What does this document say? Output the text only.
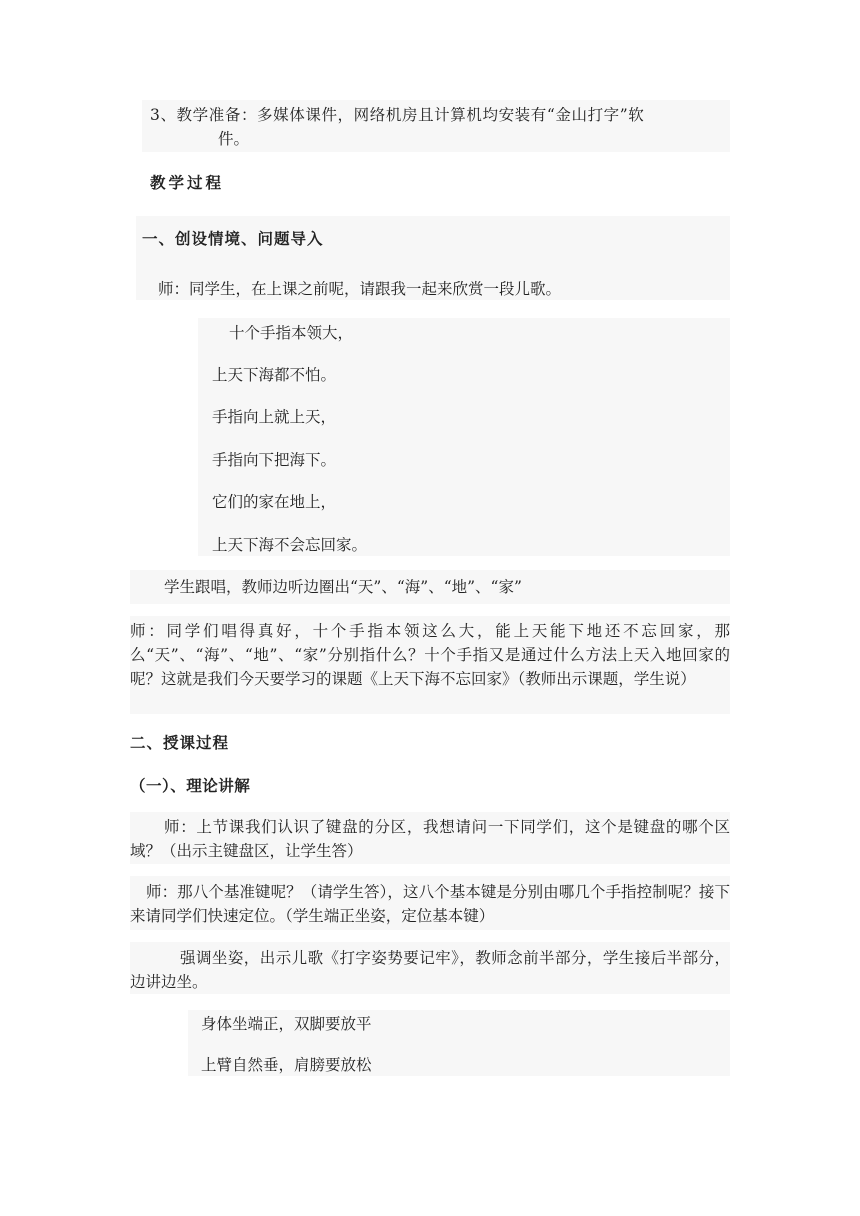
3、教学准备：多媒体课件，网络机房且计算机均安装有“金山打字”软
件。
教学过程
一、创设情境、问题导入
师：同学生，在上课之前呢，请跟我一起来欣赏一段儿歌。
十个手指本领大，
上天下海都不怕。
手指向上就上天，
手指向下把海下。
它们的家在地上，
上天下海不会忘回家。
学生跟唱，教师边听边圈出“天”、“海”、“地”、“家”
师：同学们唱得真好，十个手指本领这么大，能上天能下地还不忘回家，那么“天”、“海”、“地”、“家”分别指什么？十个手指又是通过什么方法上天入地回家的呢？这就是我们今天要学习的课题《上天下海不忘回家》（教师出示课题，学生说）
二、授课过程
（一）、理论讲解
师：上节课我们认识了键盘的分区，我想请问一下同学们，这个是键盘的哪个区域？（出示主键盘区，让学生答）
师：那八个基准键呢？（请学生答），这八个基本键是分别由哪几个手指控制呢？接下来请同学们快速定位。（学生端正坐姿，定位基本键）
强调坐姿，出示儿歌《打字姿势要记牢》，教师念前半部分，学生接后半部分，边讲边坐。
身体坐端正，双脚要放平
上臂自然垂，肩膀要放松
